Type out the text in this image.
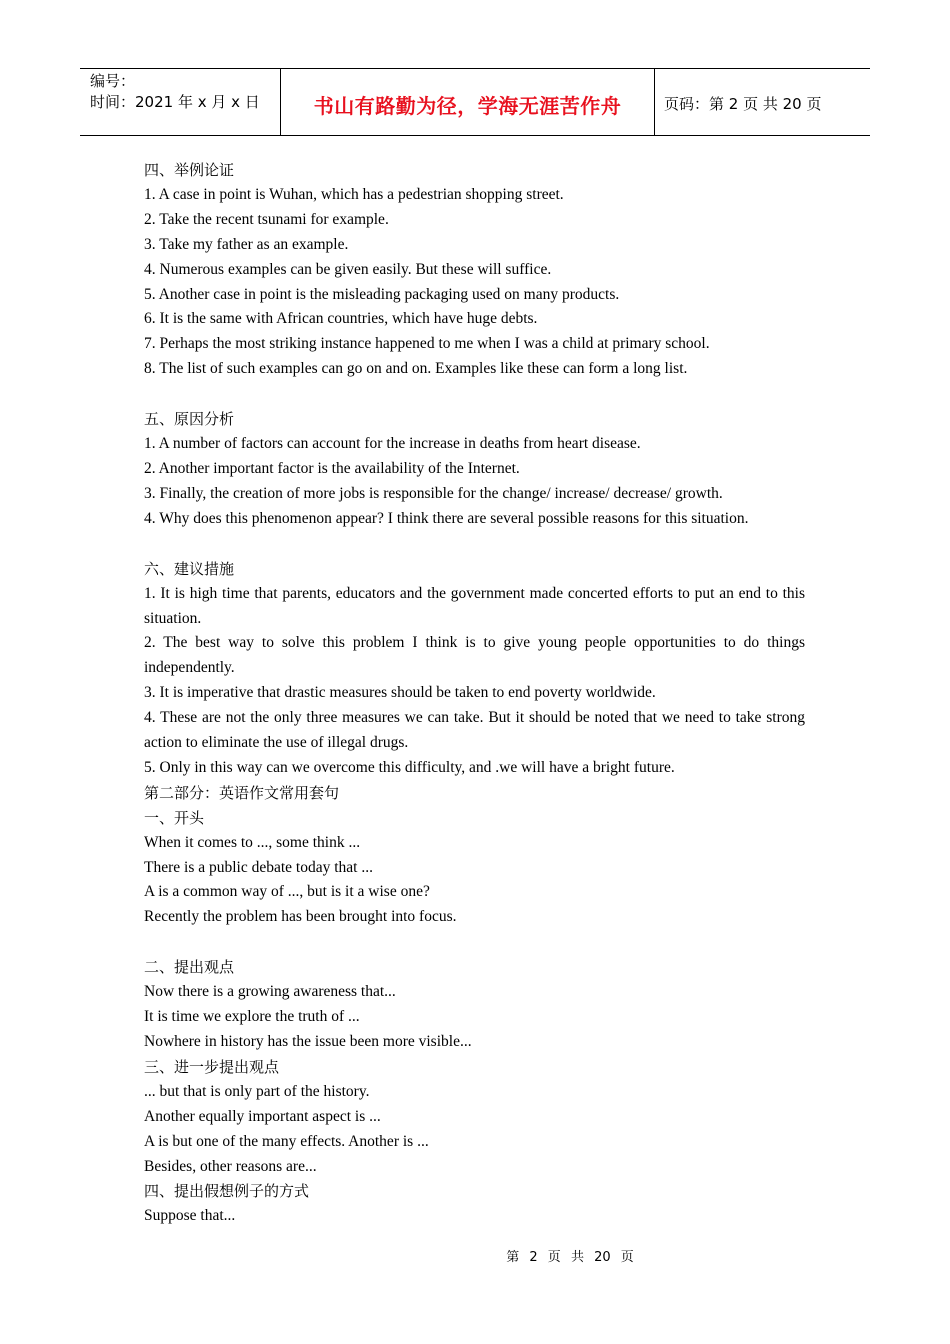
编号：
时间：2021 年 x 月 x 日	书山有路勤为径，学海无涯苦作舟	页码：第 2 页 共 20 页
四、举例论证
1. A case in point is Wuhan, which has a pedestrian shopping street.
2. Take the recent tsunami for example.
3. Take my father as an example.
4. Numerous examples can be given easily. But these will suffice.
5. Another case in point is the misleading packaging used on many products.
6. It is the same with African countries, which have huge debts.
7. Perhaps the most striking instance happened to me when I was a child at primary school.
8. The list of such examples can go on and on. Examples like these can form a long list.
五、原因分析
1. A number of factors can account for the increase in deaths from heart disease.
2. Another important factor is the availability of the Internet.
3. Finally, the creation of more jobs is responsible for the change/ increase/ decrease/ growth.
4. Why does this phenomenon appear? I think there are several possible reasons for this situation.
六、建议措施
1. It is high time that parents, educators and the government made concerted efforts to put an end to this situation.
2. The best way to solve this problem I think is to give young people opportunities to do things independently.
3. It is imperative that drastic measures should be taken to end poverty worldwide.
4. These are not the only three measures we can take. But it should be noted that we need to take strong action to eliminate the use of illegal drugs.
5. Only in this way can we overcome this difficulty, and .we will have a bright future.
第二部分：英语作文常用套句
一、开头
When it comes to ..., some think ...
There is a public debate today that ...
A is a common way of ..., but is it a wise one?
Recently the problem has been brought into focus.
二、提出观点
Now there is a growing awareness that...
It is time we explore the truth of ...
Nowhere in history has the issue been more visible...
三、进一步提出观点
... but that is only part of the history.
Another equally important aspect is ...
A is but one of the many effects. Another is ...
Besides, other reasons are...
四、提出假想例子的方式
Suppose that...
第 2 页 共 20 页
